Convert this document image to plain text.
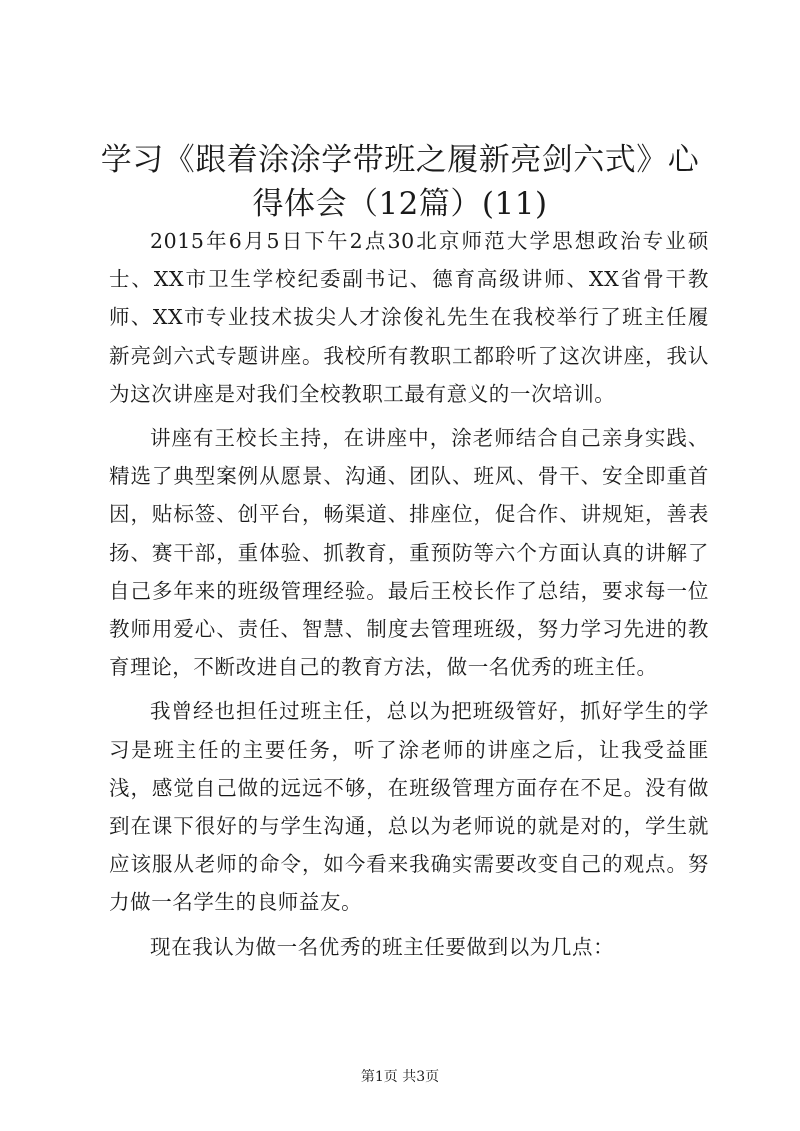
学习《跟着涂涂学带班之履新亮剑六式》心得体会（12篇）(11)

2015年6月5日下午2点30北京师范大学思想政治专业硕士、XX市卫生学校纪委副书记、德育高级讲师、XX省骨干教师、XX市专业技术拔尖人才涂俊礼先生在我校举行了班主任履新亮剑六式专题讲座。我校所有教职工都聆听了这次讲座，我认为这次讲座是对我们全校教职工最有意义的一次培训。

讲座有王校长主持，在讲座中，涂老师结合自己亲身实践、精选了典型案例从愿景、沟通、团队、班风、骨干、安全即重首因，贴标签、创平台，畅渠道、排座位，促合作、讲规矩，善表扬、赛干部，重体验、抓教育，重预防等六个方面认真的讲解了自己多年来的班级管理经验。最后王校长作了总结，要求每一位教师用爱心、责任、智慧、制度去管理班级，努力学习先进的教育理论，不断改进自己的教育方法，做一名优秀的班主任。

我曾经也担任过班主任，总以为把班级管好，抓好学生的学习是班主任的主要任务，听了涂老师的讲座之后，让我受益匪浅，感觉自己做的远远不够，在班级管理方面存在不足。没有做到在课下很好的与学生沟通，总以为老师说的就是对的，学生就应该服从老师的命令，如今看来我确实需要改变自己的观点。努力做一名学生的良师益友。

现在我认为做一名优秀的班主任要做到以为几点：

第1页 共3页
